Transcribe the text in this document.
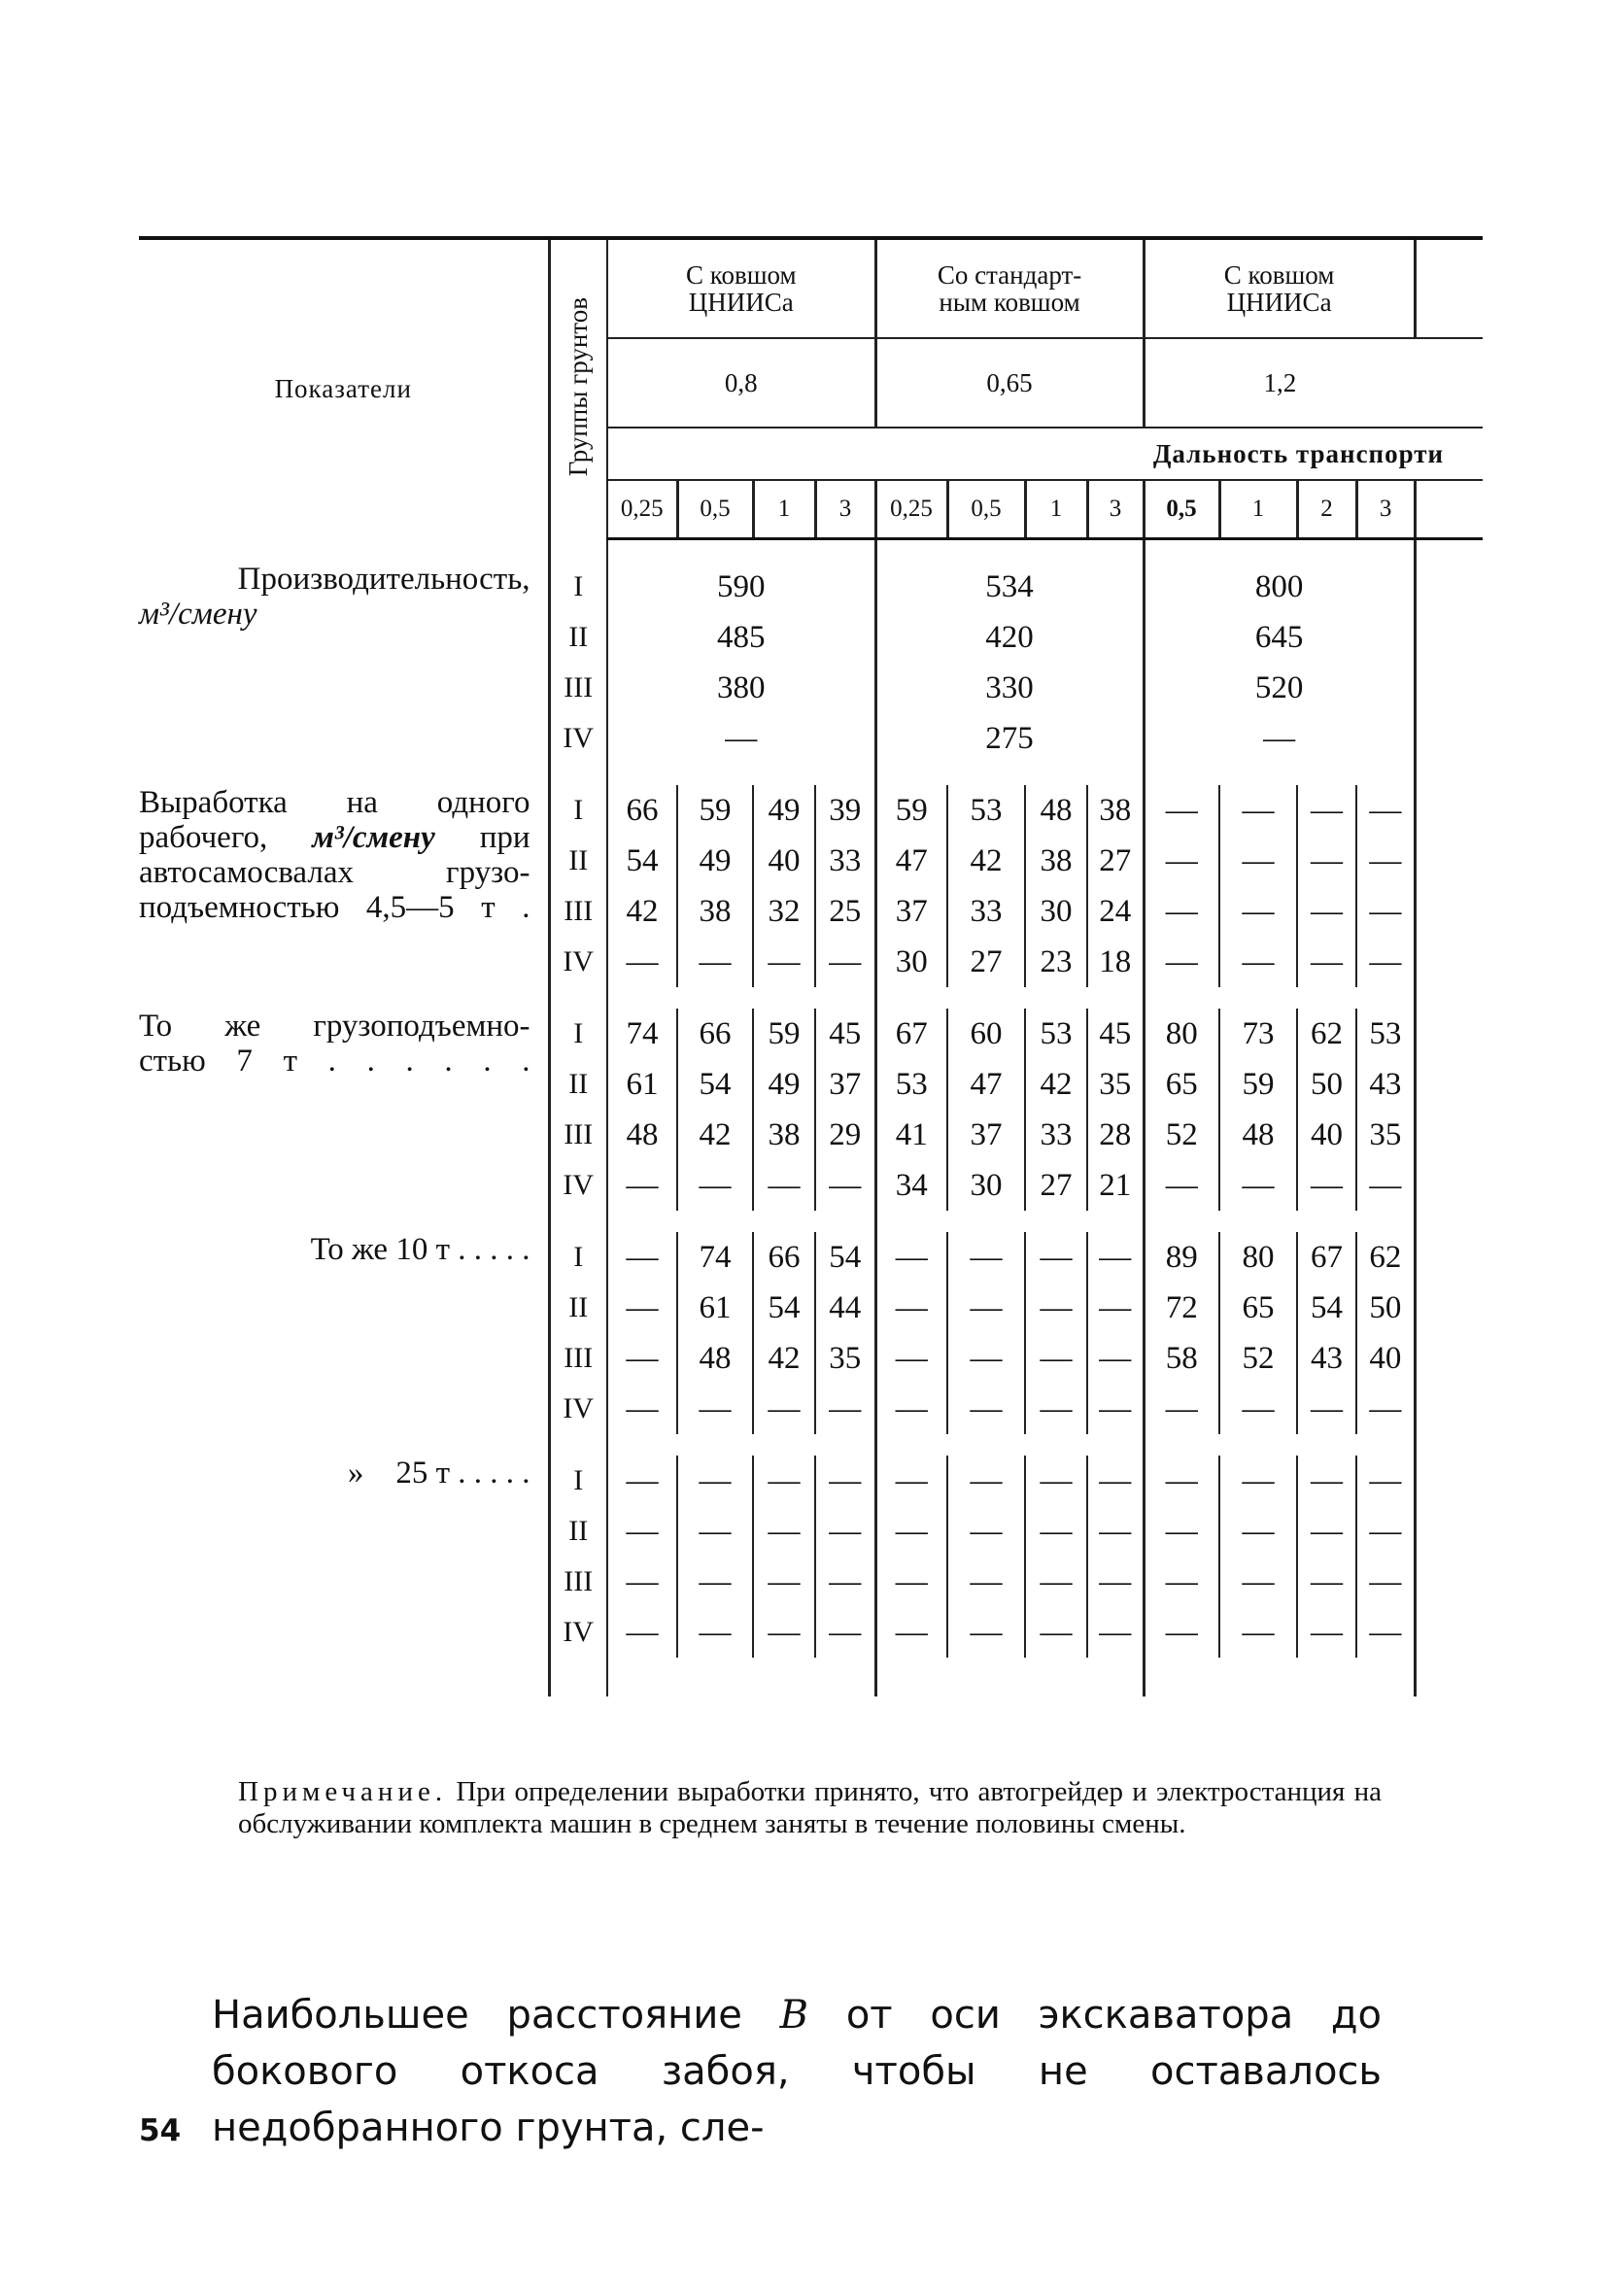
Показатели	Группы грунтов	С ковшом ЦНИИСа				Со стандарт-ным ковшом				С ковшом ЦНИИСа				
		0,8				0,65				1,2				
		Дальность транспорти												
		0,25	0,5	1	3	0,25	0,5	1	3	0,5	1	2	3	

Производительность,
м³/смену	I	590				534				800				
	II	485				420				645				
	III	380				330				520				
	IV	—				275				—				

Выработка на одного
рабочего, м³/смену при
автосамосвалах грузо-
подъемностью 4,5—5 т .	I	66	59	49	39	59	53	48	38	—	—	—	—	
	II	54	49	40	33	47	42	38	27	—	—	—	—	
	III	42	38	32	25	37	33	30	24	—	—	—	—	
	IV	—	—	—	—	30	27	23	18	—	—	—	—	

То же грузоподъемно-
стью 7 т . . . . . .	I	74	66	59	45	67	60	53	45	80	73	62	53	
	II	61	54	49	37	53	47	42	35	65	59	50	43	
	III	48	42	38	29	41	37	33	28	52	48	40	35	
	IV	—	—	—	—	34	30	27	21	—	—	—	—	

То же 10 т . . . . .	I	—	74	66	54	—	—	—	—	89	80	67	62	
	II	—	61	54	44	—	—	—	—	72	65	54	50	
	III	—	48	42	35	—	—	—	—	58	52	43	40	
	IV	—	—	—	—	—	—	—	—	—	—	—	—	

»    25 т . . . . .	I	—	—	—	—	—	—	—	—	—	—	—	—	
	II	—	—	—	—	—	—	—	—	—	—	—	—	
	III	—	—	—	—	—	—	—	—	—	—	—	—	
	IV	—	—	—	—	—	—	—	—	—	—	—	—	

Примечание. При определении выработки принято, что автогрейдер и электростанция на обслуживании комплекта машин в среднем заняты в течение половины смены.
Наибольшее расстояние В от оси экскаватора до бокового откоса забоя, чтобы не оставалось недобранного грунта, сле-
54
